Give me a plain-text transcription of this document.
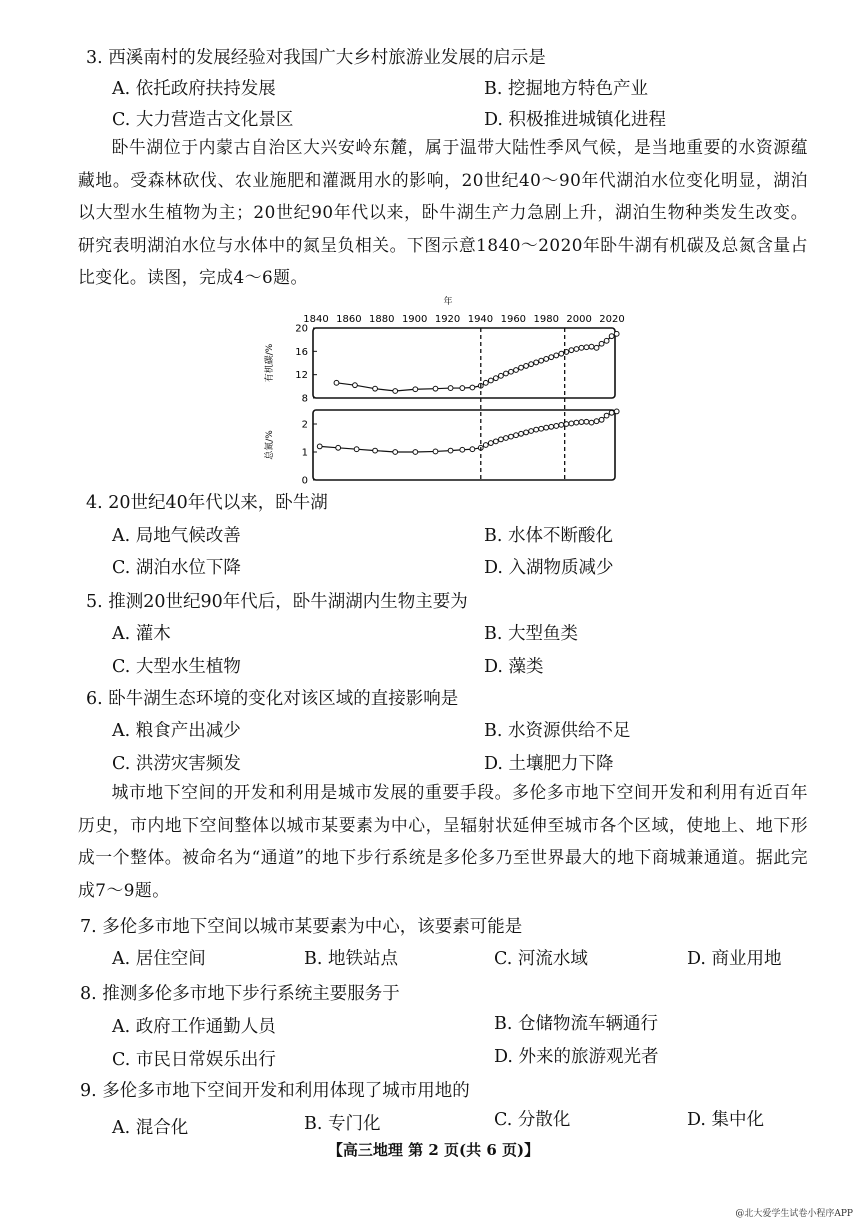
3. 西溪南村的发展经验对我国广大乡村旅游业发展的启示是
A. 依托政府扶持发展	B. 挖掘地方特色产业
C. 大力营造古文化景区	D. 积极推进城镇化进程

卧牛湖位于内蒙古自治区大兴安岭东麓，属于温带大陆性季风气候，是当地重要的水资源蕴藏地。受森林砍伐、农业施肥和灌溉用水的影响，20世纪40～90年代湖泊水位变化明显，湖泊以大型水生植物为主；20世纪90年代以来，卧牛湖生产力急剧上升，湖泊生物种类发生改变。研究表明湖泊水位与水体中的氮呈负相关。下图示意1840～2020年卧牛湖有机碳及总氮含量占比变化。读图，完成4～6题。

年
1840 1860 1880 1900 1920 1940 1960 1980 2000 2020
8
12
16
20
有机碳/%
0
1
2
总氮/%
4. 20世纪40年代以来，卧牛湖
A. 局地气候改善	B. 水体不断酸化
C. 湖泊水位下降	D. 入湖物质减少
5. 推测20世纪90年代后，卧牛湖湖内生物主要为
A. 灌木	B. 大型鱼类
C. 大型水生植物	D. 藻类
6. 卧牛湖生态环境的变化对该区域的直接影响是
A. 粮食产出减少	B. 水资源供给不足
C. 洪涝灾害频发	D. 土壤肥力下降

城市地下空间的开发和利用是城市发展的重要手段。多伦多市地下空间开发和利用有近百年历史，市内地下空间整体以城市某要素为中心，呈辐射状延伸至城市各个区域，使地上、地下形成一个整体。被命名为“通道”的地下步行系统是多伦多乃至世界最大的地下商城兼通道。据此完成7～9题。

7. 多伦多市地下空间以城市某要素为中心，该要素可能是
A. 居住空间	B. 地铁站点	C. 河流水域	D. 商业用地
8. 推测多伦多市地下步行系统主要服务于
A. 政府工作通勤人员	B. 仓储物流车辆通行
C. 市民日常娱乐出行	D. 外来的旅游观光者
9. 多伦多市地下空间开发和利用体现了城市用地的
A. 混合化	B. 专门化	C. 分散化	D. 集中化
【高三地理 第 2 页(共 6 页)】
@北大爱学生试卷小程序APP
